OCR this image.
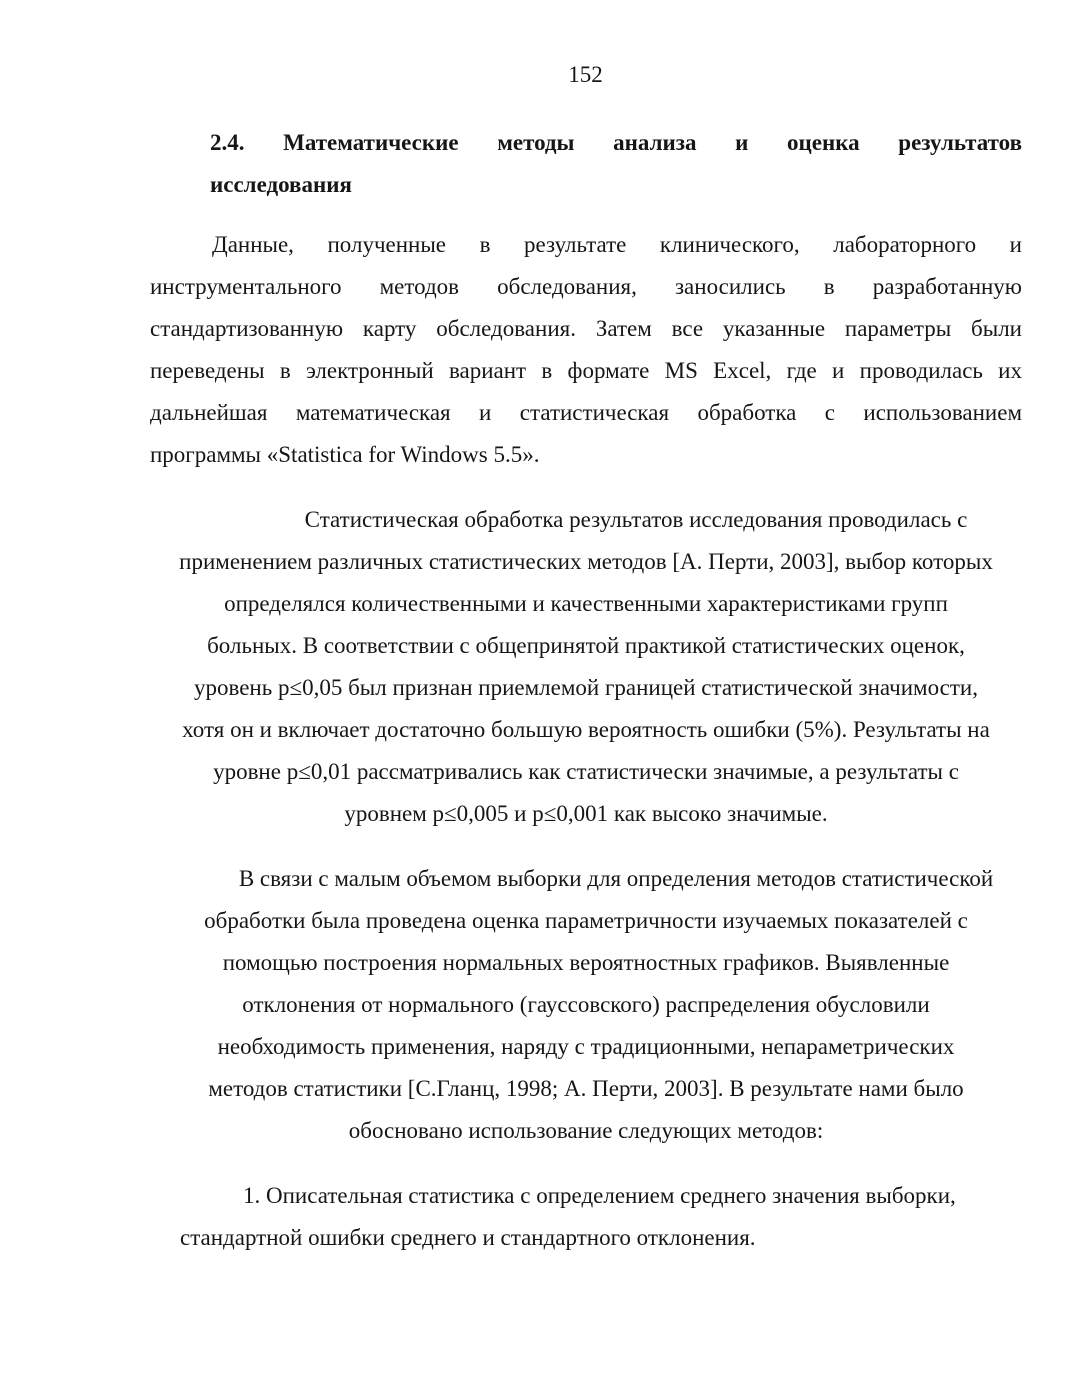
152
2.4. Математические методы анализа и оценка результатов
исследования
Данные, полученные в результате клинического, лабораторного и
инструментального методов обследования, заносились в разработанную
стандартизованную карту обследования. Затем все указанные параметры были
переведены в электронный вариант в формате MS Excel, где и проводилась их
дальнейшая математическая и статистическая обработка с использованием
программы «Statistica for Windows 5.5».
Статистическая обработка результатов исследования проводилась с
применением различных статистических методов [А. Перти, 2003], выбор которых
определялся количественными и качественными характеристиками групп
больных. В соответствии с общепринятой практикой статистических оценок,
уровень p≤0,05 был признан приемлемой границей статистической значимости,
хотя он и включает достаточно большую вероятность ошибки (5%). Результаты на
уровне p≤0,01 рассматривались как статистически значимые, а результаты с
уровнем p≤0,005 и p≤0,001 как высоко значимые.
В связи с малым объемом выборки для определения методов статистической
обработки была проведена оценка параметричности изучаемых показателей с
помощью построения нормальных вероятностных графиков. Выявленные
отклонения от нормального (гауссовского) распределения обусловили
необходимость применения, наряду с традиционными, непараметрических
методов статистики [С.Гланц, 1998; А. Перти, 2003]. В результате нами было
обосновано использование следующих методов:
1. Описательная статистика с определением среднего значения выборки,
стандартной ошибки среднего и стандартного отклонения.
